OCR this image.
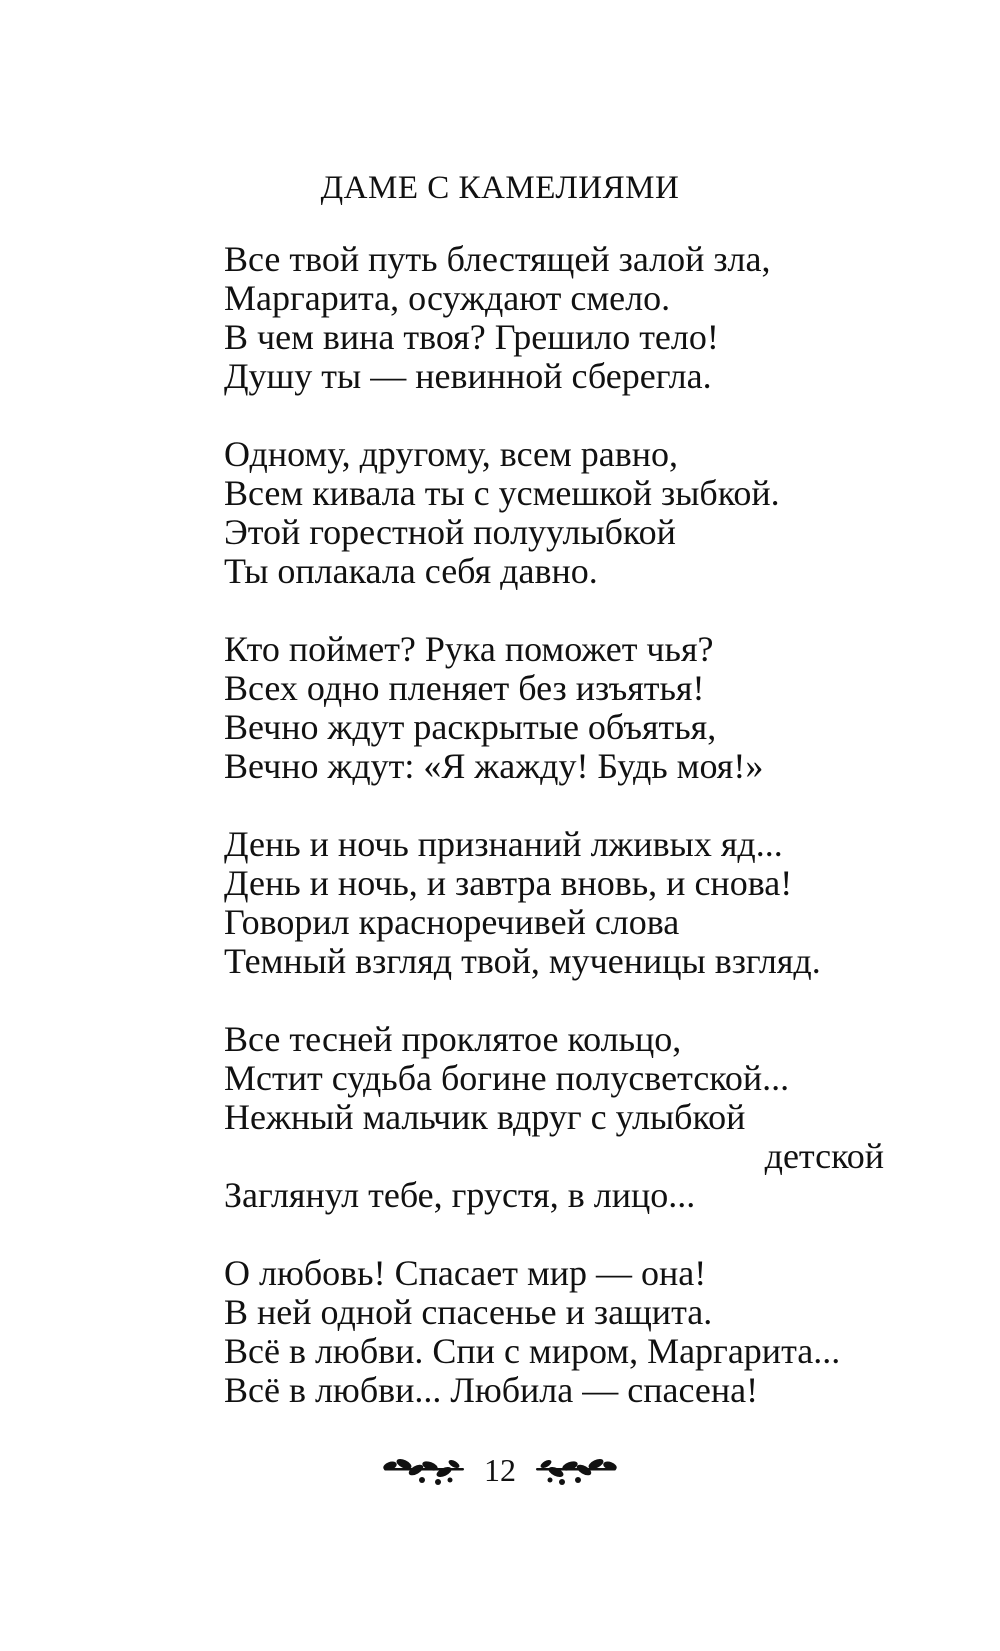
ДАМЕ С КАМЕЛИЯМИ
Все твой путь блестящей залой зла,
Маргарита, осуждают смело.
В чем вина твоя? Грешило тело!
Душу ты — невинной сберегла.
Одному, другому, всем равно,
Всем кивала ты с усмешкой зыбкой.
Этой горестной полуулыбкой
Ты оплакала себя давно.
Кто поймет? Рука поможет чья?
Всех одно пленяет без изъятья!
Вечно ждут раскрытые объятья,
Вечно ждут: «Я жажду! Будь моя!»
День и ночь признаний лживых яд...
День и ночь, и завтра вновь, и снова!
Говорил красноречивей слова
Темный взгляд твой, мученицы взгляд.
Все тесней проклятое кольцо,
Мстит судьба богине полусветской...
Нежный мальчик вдруг с улыбкой
детской
Заглянул тебе, грустя, в лицо...
О любовь! Спасает мир — она!
В ней одной спасенье и защита.
Всё в любви. Спи с миром, Маргарита...
Всё в любви... Любила — спасена!
12
